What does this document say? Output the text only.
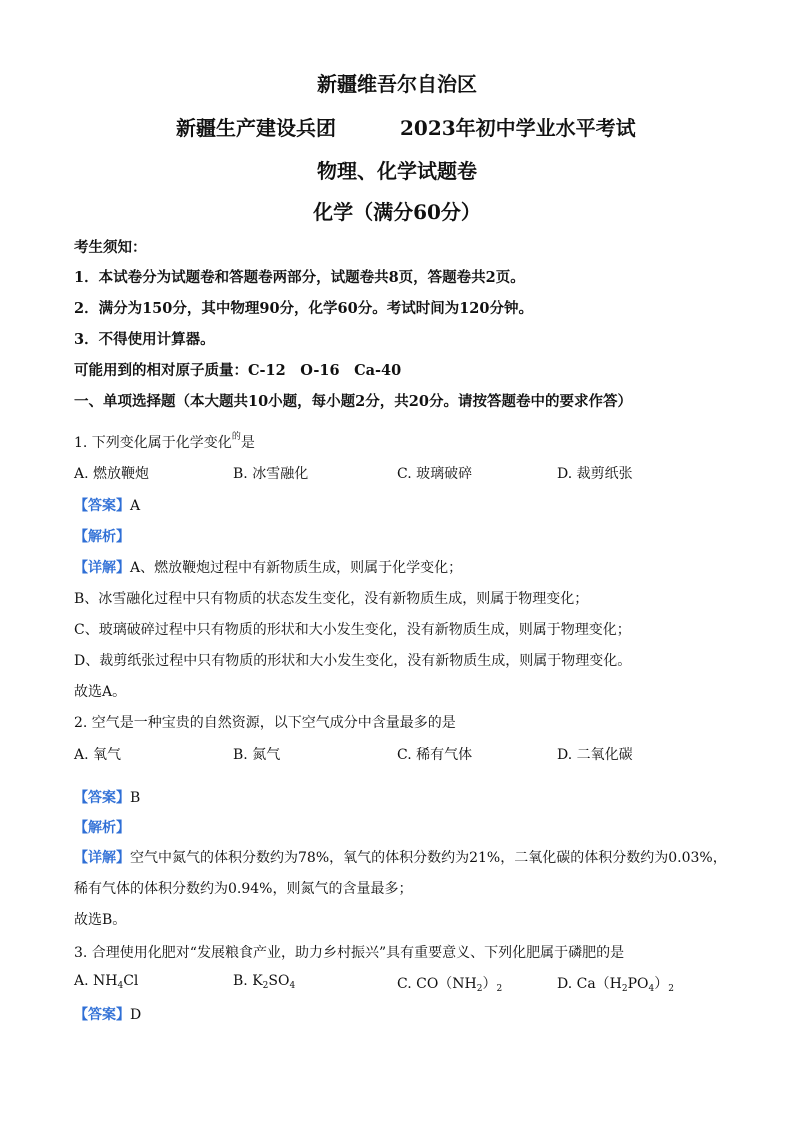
新疆维吾尔自治区
新疆生产建设兵团	2023年初中学业水平考试
物理、化学试题卷
化学（满分60分）
考生须知：
1．本试卷分为试题卷和答题卷两部分，试题卷共8页，答题卷共2页。
2．满分为150分，其中物理90分，化学60分。考试时间为120分钟。
3．不得使用计算器。
可能用到的相对原子质量：C-12　O-16　Ca-40
一、单项选择题（本大题共10小题，每小题2分，共20分。请按答题卷中的要求作答）
1. 下列变化属于化学变化$^的$是
A. 燃放鞭炮	B. 冰雪融化	C. 玻璃破碎	D. 裁剪纸张
【答案】A
【解析】
【详解】A、燃放鞭炮过程中有新物质生成，则属于化学变化；
B、冰雪融化过程中只有物质的状态发生变化，没有新物质生成，则属于物理变化；
C、玻璃破碎过程中只有物质的形状和大小发生变化，没有新物质生成，则属于物理变化；
D、裁剪纸张过程中只有物质的形状和大小发生变化，没有新物质生成，则属于物理变化。
故选A。
2. 空气是一种宝贵的自然资源，以下空气成分中含量最多的是
A. 氧气	B. 氮气	C. 稀有气体	D. 二氧化碳
【答案】B
【解析】
【详解】空气中氮气的体积分数约为78%，氧气的体积分数约为21%，二氧化碳的体积分数约为0.03%，
稀有气体的体积分数约为0.94%，则氮气的含量最多；
故选B。
3. 合理使用化肥对“发展粮食产业，助力乡村振兴”具有重要意义、下列化肥属于磷肥的是
A. $NH_4Cl$	B. $K_2SO_4$	C. $CO(NH_2)_2$	D. $Ca(H_2PO_4)_2$
【答案】D
